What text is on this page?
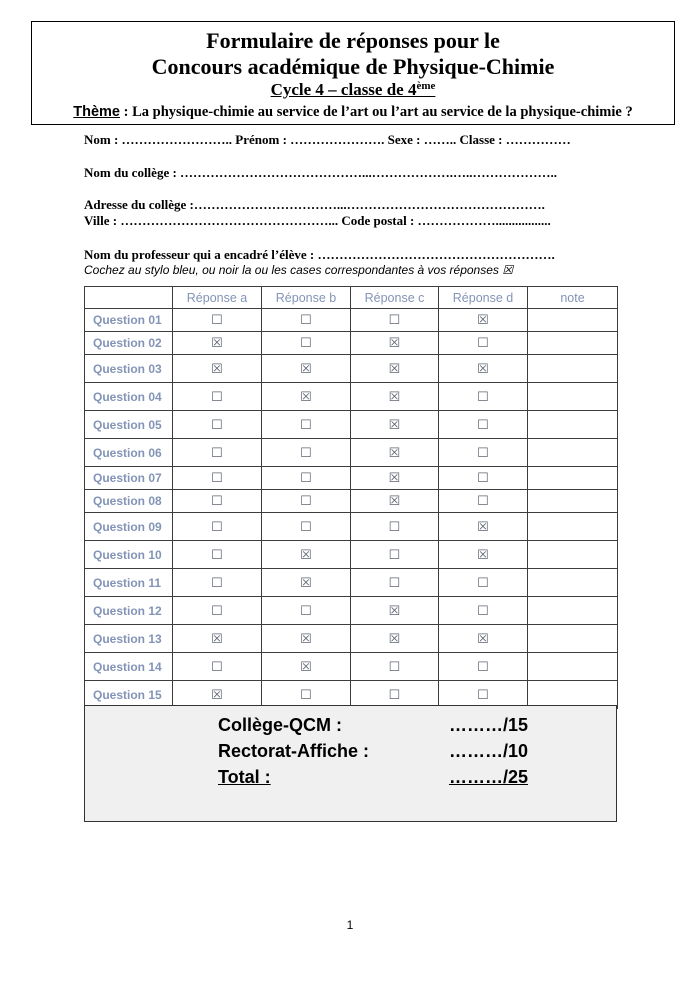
Formulaire de réponses pour le
Concours académique de Physique-Chimie
Cycle 4 – classe de 4ème
Thème : La physique-chimie au service de l’art ou l’art au service de la physique-chimie ?
Nom : …………………….. Prénom : …………………. Sexe : …….. Classe : ……………
Nom du collège : ……………………………………...……………….…..………………..
Adresse du collège :……………………………...……………………………………….
Ville : …………………………………………... Code postal : ……………….................
Nom du professeur qui a encadré l’élève : ……………………………………………….
Cochez au stylo bleu, ou noir la ou les cases correspondantes à vos réponses ☒
	Réponse a	Réponse b	Réponse c	Réponse d	note
Question 01	☐	☐	☐	☒	
Question 02	☒	☐	☒	☐	
Question 03	☒	☒	☒	☒	
Question 04	☐	☒	☒	☐	
Question 05	☐	☐	☒	☐	
Question 06	☐	☐	☒	☐	
Question 07	☐	☐	☒	☐	
Question 08	☐	☐	☒	☐	
Question 09	☐	☐	☐	☒	
Question 10	☐	☒	☐	☒	
Question 11	☐	☒	☐	☐	
Question 12	☐	☐	☒	☐	
Question 13	☒	☒	☒	☒	
Question 14	☐	☒	☐	☐	
Question 15	☒	☐	☐	☐	
Collège-QCM :	………/15
Rectorat-Affiche :	………/10
Total :	………/25
1
